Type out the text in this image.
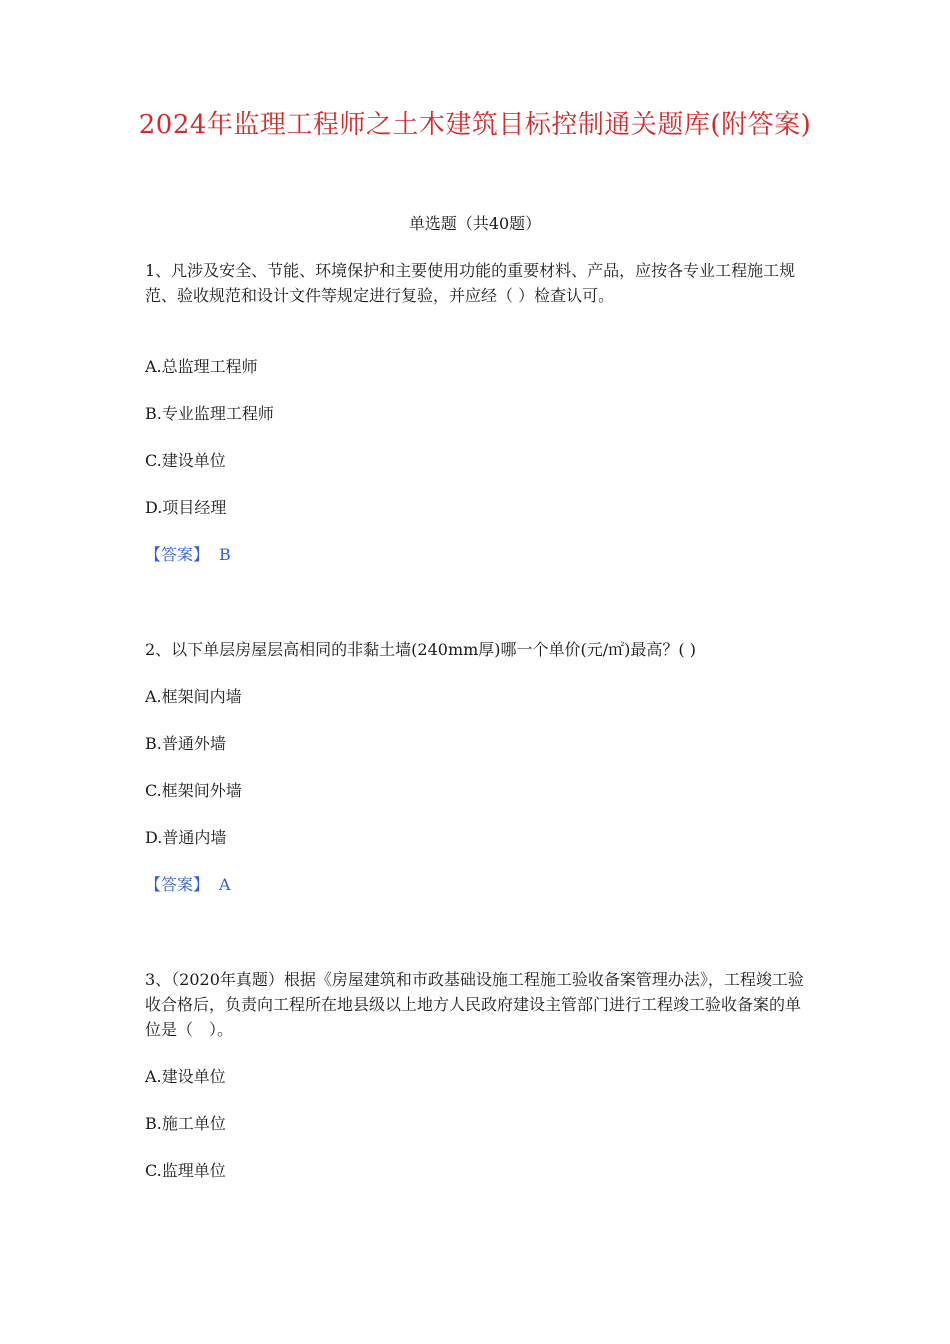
2024年监理工程师之土木建筑目标控制通关题库(附答案)
单选题（共40题）
1、凡涉及安全、节能、环境保护和主要使用功能的重要材料、产品，应按各专业工程施工规范、验收规范和设计文件等规定进行复验，并应经（ ）检查认可。
A.总监理工程师
B.专业监理工程师
C.建设单位
D.项目经理
【答案】 B
2、以下单层房屋层高相同的非黏土墙(240mm厚)哪一个单价(元/㎡)最高？( )
A.框架间内墙
B.普通外墙
C.框架间外墙
D.普通内墙
【答案】 A
3、（2020年真题）根据《房屋建筑和市政基础设施工程施工验收备案管理办法》，工程竣工验收合格后，负责向工程所在地县级以上地方人民政府建设主管部门进行工程竣工验收备案的单位是（　）。
A.建设单位
B.施工单位
C.监理单位
